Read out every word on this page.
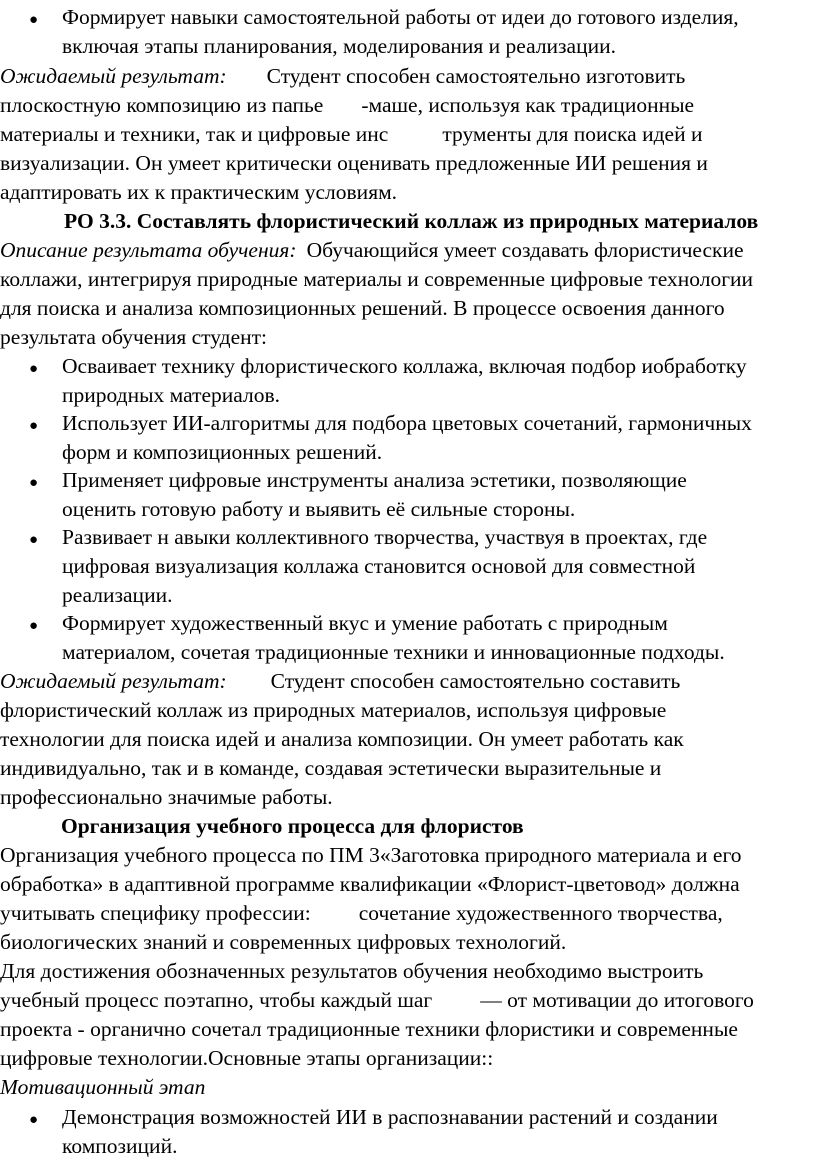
● Формирует навыки самостоятельной работы от идеи до готового изделия,
включая этапы планирования, моделирования и реализации.
Ожидаемый результат: Студент способен самостоятельно изготовить
плоскостную композицию из папье -маше, используя как традиционные
материалы и техники, так и цифровые инс	трументы для поиска идей и
визуализации. Он умеет критически оценивать предложенные ИИ решения и
адаптировать их к практическим условиям.
РО 3.3. Составлять флористический коллаж из природных материалов
Описание результата обучения: Обучающийся умеет создавать флористические
коллажи, интегрируя природные материалы и современные цифровые технологии
для поиска и анализа композиционных решений. В процессе освоения данного
результата обучения студент:
● Осваивает технику флористического коллажа, включая подбор иобработку
природных материалов.
● Использует ИИ-алгоритмы для подбора цветовых сочетаний, гармоничных
форм и композиционных решений.
● Применяет цифровые инструменты анализа эстетики, позволяющие
оценить готовую работу и выявить её сильные стороны.
● Развивает н авыки коллективного творчества, участвуя в проектах, где
цифровая визуализация коллажа становится основой для совместной
реализации.
● Формирует художественный вкус и умение работать с природным
материалом, сочетая традиционные техники и инновационные подходы.
Ожидаемый результат: Студент способен самостоятельно составить
флористический коллаж из природных материалов, используя цифровые
технологии для поиска идей и анализа композиции. Он умеет работать как
индивидуально, так и в команде, создавая эстетически выразительные и
профессионально значимые работы.
Организация учебного процесса для флористов
Организация учебного процесса по ПМ 3«Заготовка природного материала и его
обработка» в адаптивной программе квалификации «Флорист-цветовод» должна
учитывать специфику профессии: сочетание художественного творчества,
биологических знаний и современных цифровых технологий.
Для достижения обозначенных результатов обучения необходимо выстроить
учебный процесс поэтапно, чтобы каждый шаг — от мотивации до итогового
проекта - органично сочетал традиционные техники флористики и современные
цифровые технологии.Основные этапы организации::
Мотивационный этап
● Демонстрация возможностей ИИ в распознавании растений и создании
композиций.
